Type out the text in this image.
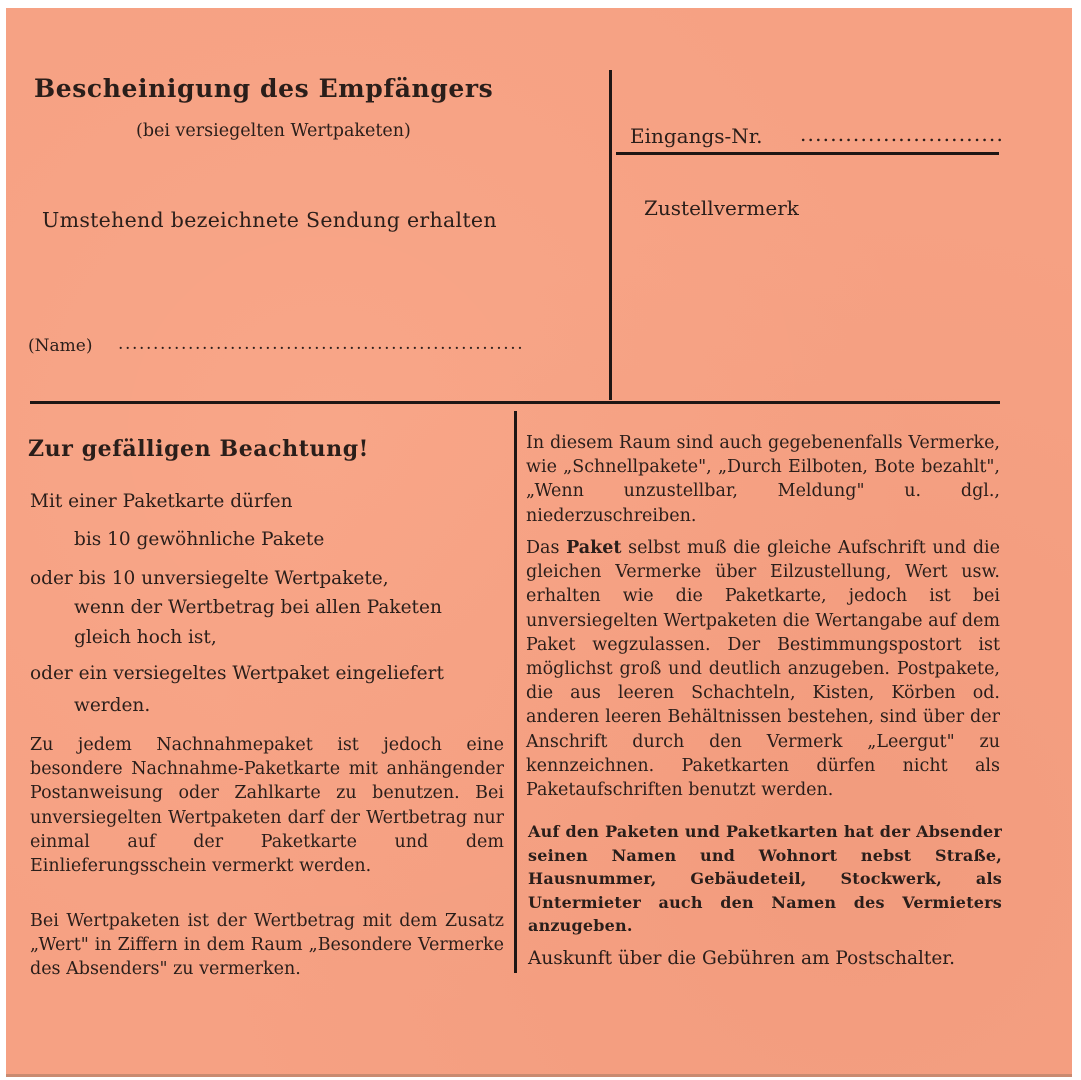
Bescheinigung des Empfängers
(bei versiegelten Wertpaketen)
Umstehend bezeichnete Sendung erhalten
(Name) ..........................................................
Eingangs-Nr. ...........................
Zustellvermerk
Zur gefälligen Beachtung!
Mit einer Paketkarte dürfen
bis 10 gewöhnliche Pakete
oder bis 10 unversiegelte Wertpakete,
wenn der Wertbetrag bei allen Paketen
gleich hoch ist,
oder ein versiegeltes Wertpaket eingeliefert
werden.
Zu jedem Nachnahmepaket ist jedoch eine besondere Nachnahme-Paketkarte mit anhängender Postanweisung oder Zahlkarte zu benutzen. Bei unversiegelten Wertpaketen darf der Wertbetrag nur einmal auf der Paketkarte und dem Einlieferungsschein vermerkt werden.
Bei Wertpaketen ist der Wertbetrag mit dem Zusatz „Wert" in Ziffern in dem Raum „Besondere Vermerke des Absenders" zu vermerken.
In diesem Raum sind auch gegebenenfalls Vermerke, wie „Schnellpakete", „Durch Eilboten, Bote bezahlt", „Wenn unzustellbar, Meldung" u. dgl., niederzuschreiben.
Das Paket selbst muß die gleiche Aufschrift und die gleichen Vermerke über Eilzustellung, Wert usw. erhalten wie die Paketkarte, jedoch ist bei unversiegelten Wertpaketen die Wertangabe auf dem Paket wegzulassen. Der Bestimmungspostort ist möglichst groß und deutlich anzugeben. Postpakete, die aus leeren Schachteln, Kisten, Körben od. anderen leeren Behältnissen bestehen, sind über der Anschrift durch den Vermerk „Leergut" zu kennzeichnen. Paketkarten dürfen nicht als Paketaufschriften benutzt werden.
Auf den Paketen und Paketkarten hat der Absender seinen Namen und Wohnort nebst Straße, Hausnummer, Gebäudeteil, Stockwerk, als Untermieter auch den Namen des Vermieters anzugeben.
Auskunft über die Gebühren am Postschalter.
